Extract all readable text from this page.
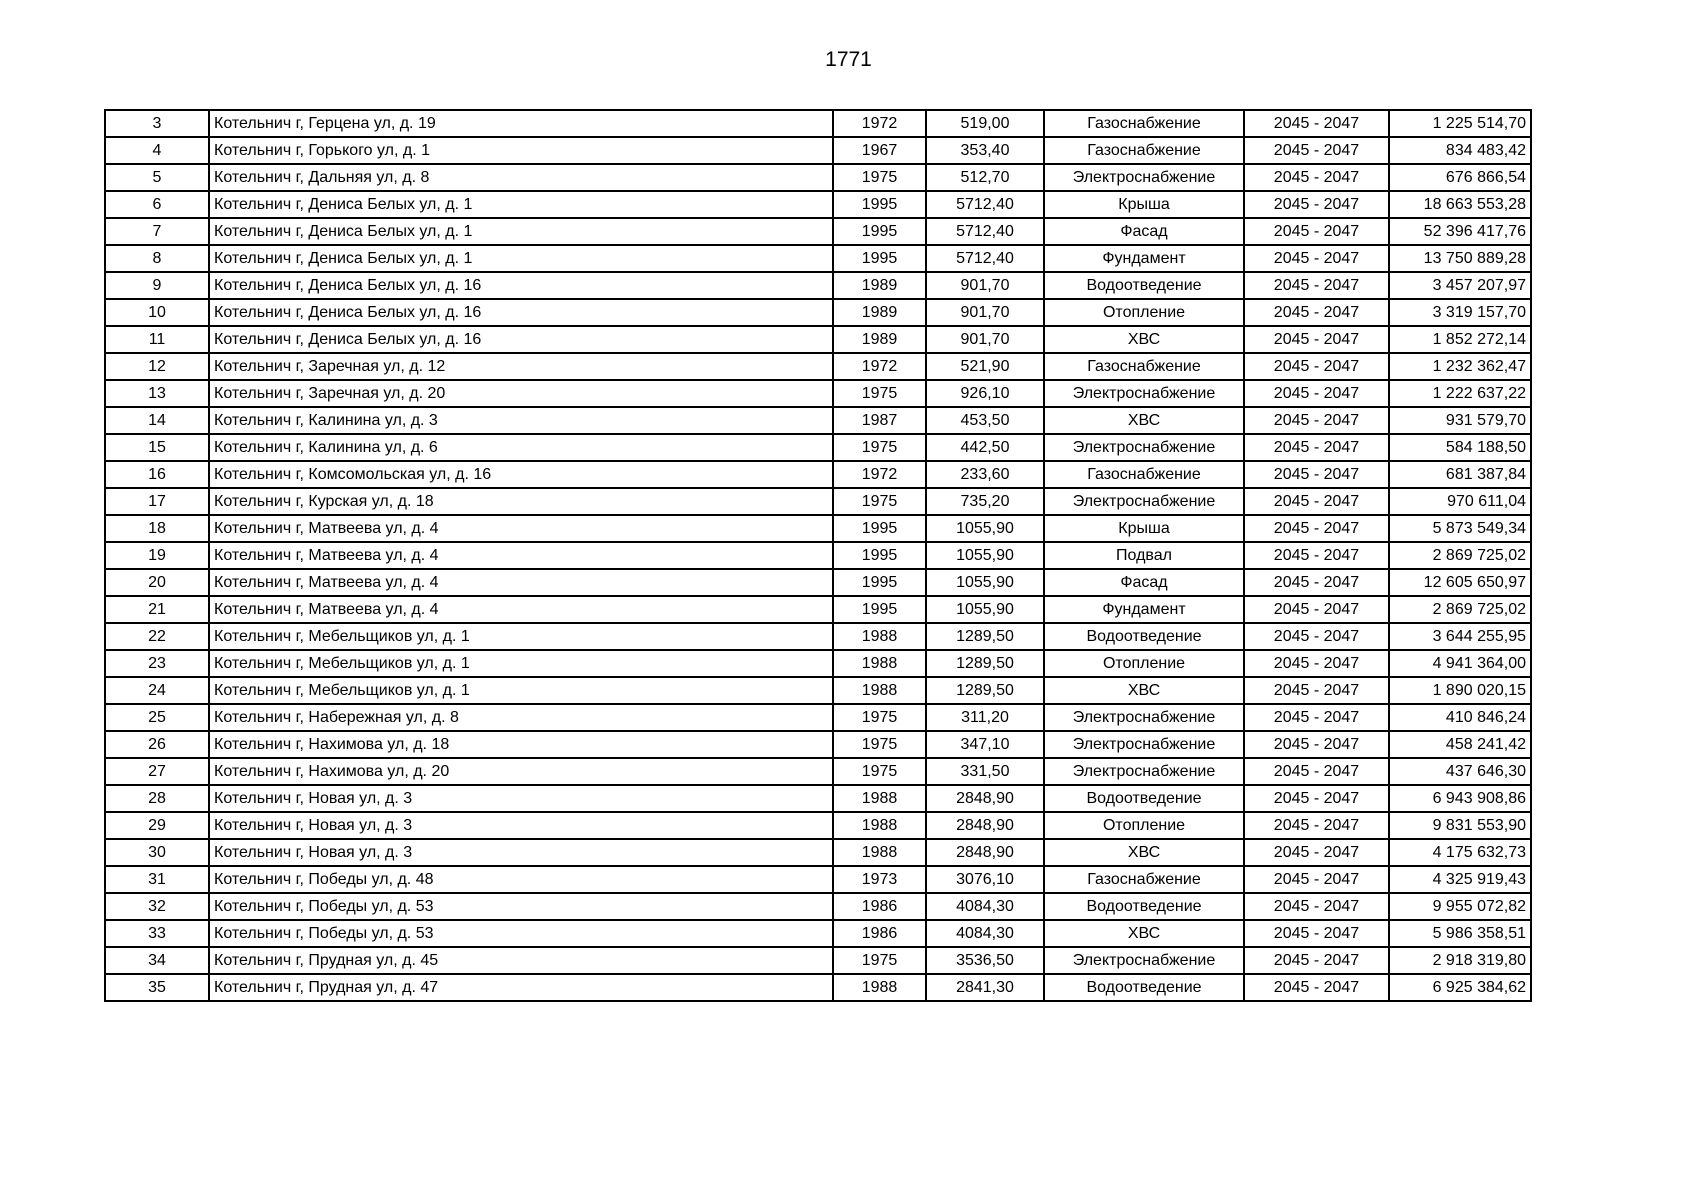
1771
3	Котельнич г, Герцена ул, д. 19	1972	519,00	Газоснабжение	2045 - 2047	1 225 514,70
4	Котельнич г, Горького ул, д. 1	1967	353,40	Газоснабжение	2045 - 2047	834 483,42
5	Котельнич г, Дальняя ул, д. 8	1975	512,70	Электроснабжение	2045 - 2047	676 866,54
6	Котельнич г, Дениса Белых ул, д. 1	1995	5712,40	Крыша	2045 - 2047	18 663 553,28
7	Котельнич г, Дениса Белых ул, д. 1	1995	5712,40	Фасад	2045 - 2047	52 396 417,76
8	Котельнич г, Дениса Белых ул, д. 1	1995	5712,40	Фундамент	2045 - 2047	13 750 889,28
9	Котельнич г, Дениса Белых ул, д. 16	1989	901,70	Водоотведение	2045 - 2047	3 457 207,97
10	Котельнич г, Дениса Белых ул, д. 16	1989	901,70	Отопление	2045 - 2047	3 319 157,70
11	Котельнич г, Дениса Белых ул, д. 16	1989	901,70	ХВС	2045 - 2047	1 852 272,14
12	Котельнич г, Заречная ул, д. 12	1972	521,90	Газоснабжение	2045 - 2047	1 232 362,47
13	Котельнич г, Заречная ул, д. 20	1975	926,10	Электроснабжение	2045 - 2047	1 222 637,22
14	Котельнич г, Калинина ул, д. 3	1987	453,50	ХВС	2045 - 2047	931 579,70
15	Котельнич г, Калинина ул, д. 6	1975	442,50	Электроснабжение	2045 - 2047	584 188,50
16	Котельнич г, Комсомольская ул, д. 16	1972	233,60	Газоснабжение	2045 - 2047	681 387,84
17	Котельнич г, Курская ул, д. 18	1975	735,20	Электроснабжение	2045 - 2047	970 611,04
18	Котельнич г, Матвеева ул, д. 4	1995	1055,90	Крыша	2045 - 2047	5 873 549,34
19	Котельнич г, Матвеева ул, д. 4	1995	1055,90	Подвал	2045 - 2047	2 869 725,02
20	Котельнич г, Матвеева ул, д. 4	1995	1055,90	Фасад	2045 - 2047	12 605 650,97
21	Котельнич г, Матвеева ул, д. 4	1995	1055,90	Фундамент	2045 - 2047	2 869 725,02
22	Котельнич г, Мебельщиков ул, д. 1	1988	1289,50	Водоотведение	2045 - 2047	3 644 255,95
23	Котельнич г, Мебельщиков ул, д. 1	1988	1289,50	Отопление	2045 - 2047	4 941 364,00
24	Котельнич г, Мебельщиков ул, д. 1	1988	1289,50	ХВС	2045 - 2047	1 890 020,15
25	Котельнич г, Набережная ул, д. 8	1975	311,20	Электроснабжение	2045 - 2047	410 846,24
26	Котельнич г, Нахимова ул, д. 18	1975	347,10	Электроснабжение	2045 - 2047	458 241,42
27	Котельнич г, Нахимова ул, д. 20	1975	331,50	Электроснабжение	2045 - 2047	437 646,30
28	Котельнич г, Новая ул, д. 3	1988	2848,90	Водоотведение	2045 - 2047	6 943 908,86
29	Котельнич г, Новая ул, д. 3	1988	2848,90	Отопление	2045 - 2047	9 831 553,90
30	Котельнич г, Новая ул, д. 3	1988	2848,90	ХВС	2045 - 2047	4 175 632,73
31	Котельнич г, Победы ул, д. 48	1973	3076,10	Газоснабжение	2045 - 2047	4 325 919,43
32	Котельнич г, Победы ул, д. 53	1986	4084,30	Водоотведение	2045 - 2047	9 955 072,82
33	Котельнич г, Победы ул, д. 53	1986	4084,30	ХВС	2045 - 2047	5 986 358,51
34	Котельнич г, Прудная ул, д. 45	1975	3536,50	Электроснабжение	2045 - 2047	2 918 319,80
35	Котельнич г, Прудная ул, д. 47	1988	2841,30	Водоотведение	2045 - 2047	6 925 384,62
